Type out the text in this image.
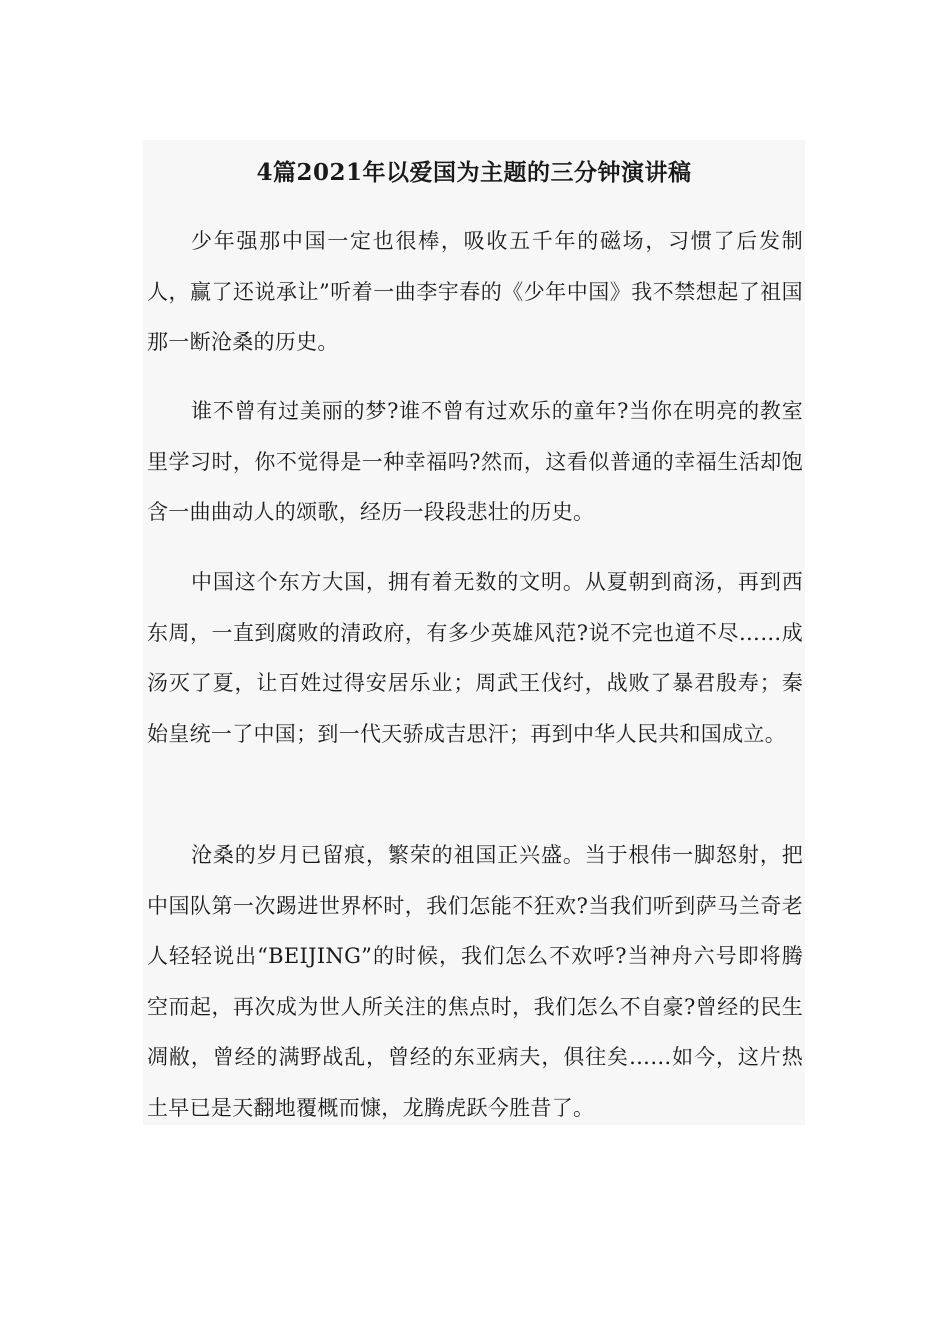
4篇2021年以爱国为主题的三分钟演讲稿

少年强那中国一定也很棒，吸收五千年的磁场，习惯了后发制人，赢了还说承让”听着一曲李宇春的《少年中国》我不禁想起了祖国那一断沧桑的历史。

谁不曾有过美丽的梦?谁不曾有过欢乐的童年?当你在明亮的教室里学习时，你不觉得是一种幸福吗?然而，这看似普通的幸福生活却饱含一曲曲动人的颂歌，经历一段段悲壮的历史。

中国这个东方大国，拥有着无数的文明。从夏朝到商汤，再到西东周，一直到腐败的清政府，有多少英雄风范?说不完也道不尽……成汤灭了夏，让百姓过得安居乐业；周武王伐纣，战败了暴君殷寿；秦始皇统一了中国；到一代天骄成吉思汗；再到中华人民共和国成立。

沧桑的岁月已留痕，繁荣的祖国正兴盛。当于根伟一脚怒射，把中国队第一次踢进世界杯时，我们怎能不狂欢?当我们听到萨马兰奇老人轻轻说出“BEIJING”的时候，我们怎么不欢呼?当神舟六号即将腾空而起，再次成为世人所关注的焦点时，我们怎么不自豪?曾经的民生凋敝，曾经的满野战乱，曾经的东亚病夫，俱往矣……如今，这片热土早已是天翻地覆概而慷，龙腾虎跃今胜昔了。
